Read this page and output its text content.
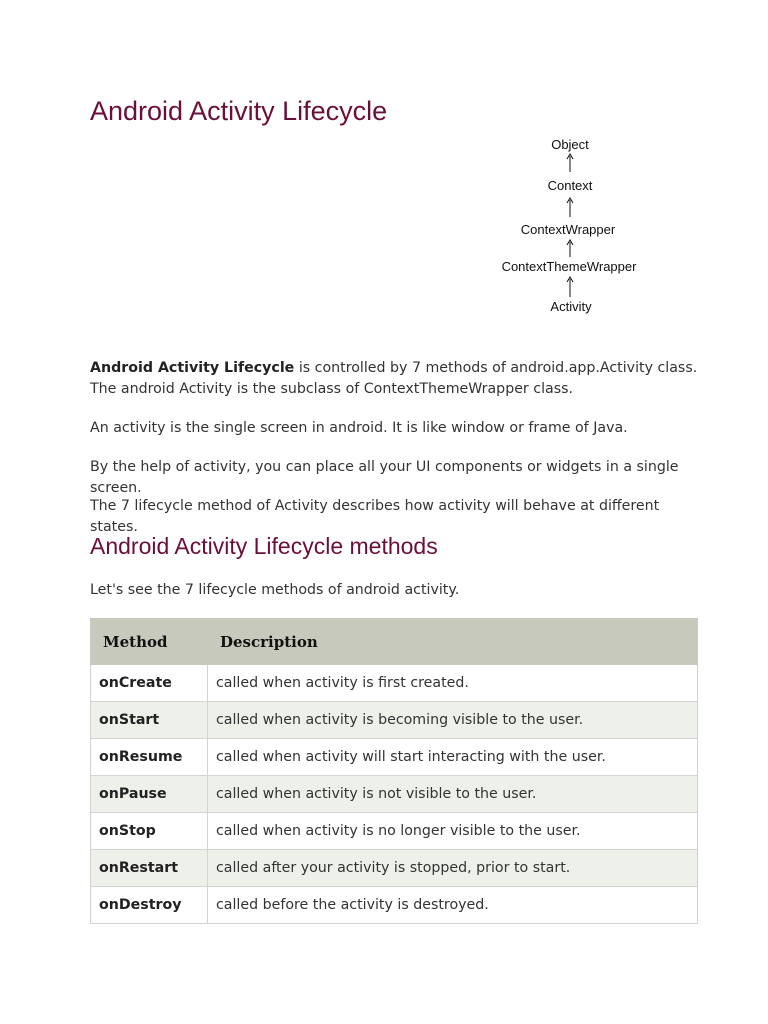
Android Activity Lifecycle
Object
Context
ContextWrapper
ContextThemeWrapper
Activity

Android Activity Lifecycle is controlled by 7 methods of android.app.Activity class. The android Activity is the subclass of ContextThemeWrapper class.

An activity is the single screen in android. It is like window or frame of Java.

By the help of activity, you can place all your UI components or widgets in a single screen.

The 7 lifecycle method of Activity describes how activity will behave at different states.

Android Activity Lifecycle methods

Let's see the 7 lifecycle methods of android activity.

Method	Description
onCreate	called when activity is first created.
onStart	called when activity is becoming visible to the user.
onResume	called when activity will start interacting with the user.
onPause	called when activity is not visible to the user.
onStop	called when activity is no longer visible to the user.
onRestart	called after your activity is stopped, prior to start.
onDestroy	called before the activity is destroyed.
